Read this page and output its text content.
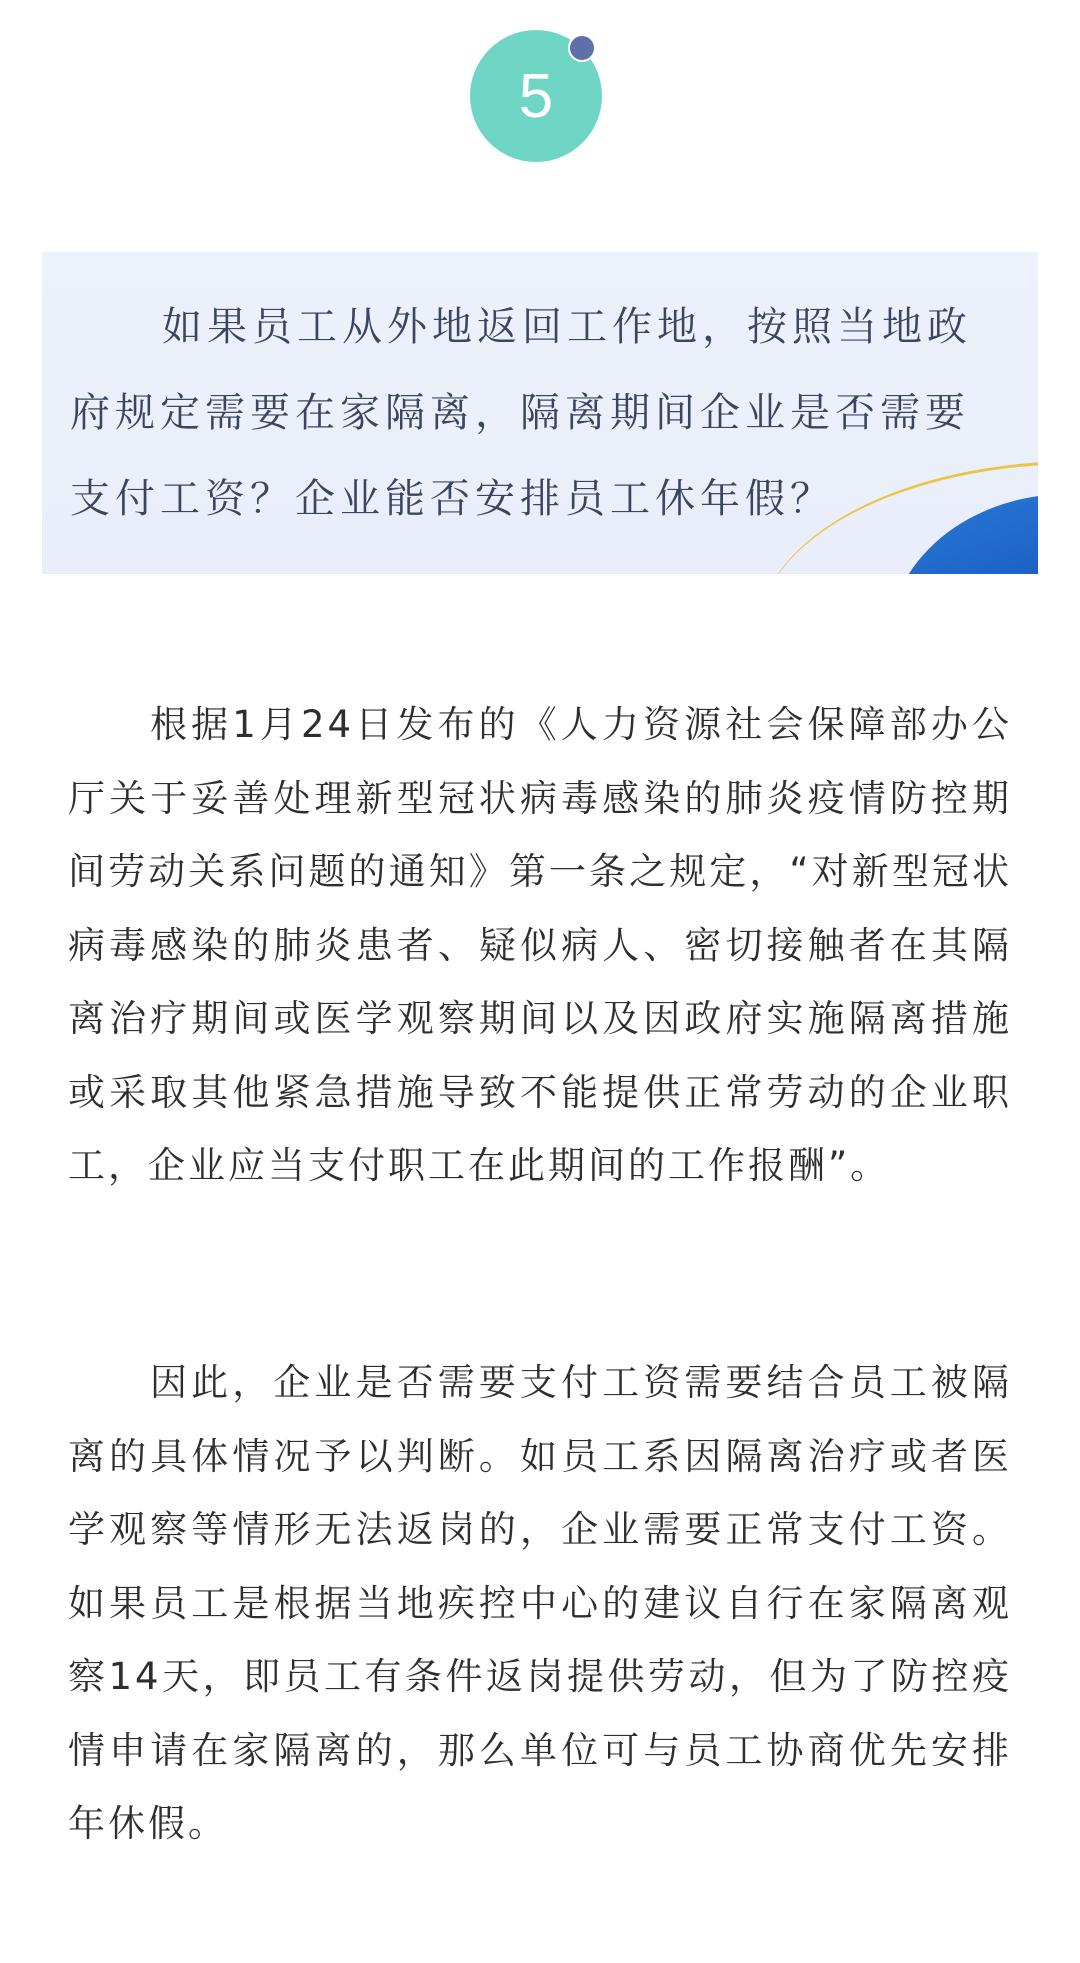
5

如果员工从外地返回工作地，按照当地政府规定需要在家隔离，隔离期间企业是否需要支付工资？企业能否安排员工休年假？

根据1月24日发布的《人力资源社会保障部办公厅关于妥善处理新型冠状病毒感染的肺炎疫情防控期间劳动关系问题的通知》第一条之规定，“对新型冠状病毒感染的肺炎患者、疑似病人、密切接触者在其隔离治疗期间或医学观察期间以及因政府实施隔离措施或采取其他紧急措施导致不能提供正常劳动的企业职工，企业应当支付职工在此期间的工作报酬”。

因此，企业是否需要支付工资需要结合员工被隔离的具体情况予以判断。如员工系因隔离治疗或者医学观察等情形无法返岗的，企业需要正常支付工资。如果员工是根据当地疾控中心的建议自行在家隔离观察14天，即员工有条件返岗提供劳动，但为了防控疫情申请在家隔离的，那么单位可与员工协商优先安排年休假。
